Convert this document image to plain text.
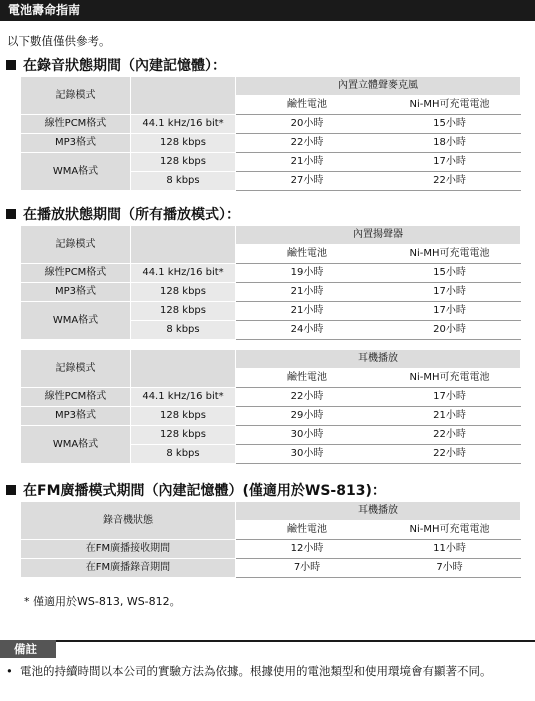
電池壽命指南
以下數值僅供參考。
在錄音狀態期間（內建記憶體）：
記錄模式		內置立體聲麥克風	
		鹼性電池	Ni-MH可充電電池
線性PCM格式	44.1 kHz/16 bit*	20小時	15小時
MP3格式	128 kbps	22小時	18小時
WMA格式	128 kbps	21小時	17小時
	8 kbps	27小時	22小時
在播放狀態期間（所有播放模式）：
記錄模式		內置揚聲器	
		鹼性電池	Ni-MH可充電電池
線性PCM格式	44.1 kHz/16 bit*	19小時	15小時
MP3格式	128 kbps	21小時	17小時
WMA格式	128 kbps	21小時	17小時
	8 kbps	24小時	20小時
記錄模式		耳機播放	
		鹼性電池	Ni-MH可充電電池
線性PCM格式	44.1 kHz/16 bit*	22小時	17小時
MP3格式	128 kbps	29小時	21小時
WMA格式	128 kbps	30小時	22小時
	8 kbps	30小時	22小時
在FM廣播模式期間（內建記憶體）(僅適用於WS-813)：
錄音機狀態	耳機播放	
	鹼性電池	Ni-MH可充電電池
在FM廣播接收期間	12小時	11小時
在FM廣播錄音期間	7小時	7小時
* 僅適用於WS-813, WS-812。
備註
• 電池的持續時間以本公司的實驗方法為依據。根據使用的電池類型和使用環境會有顯著不同。
